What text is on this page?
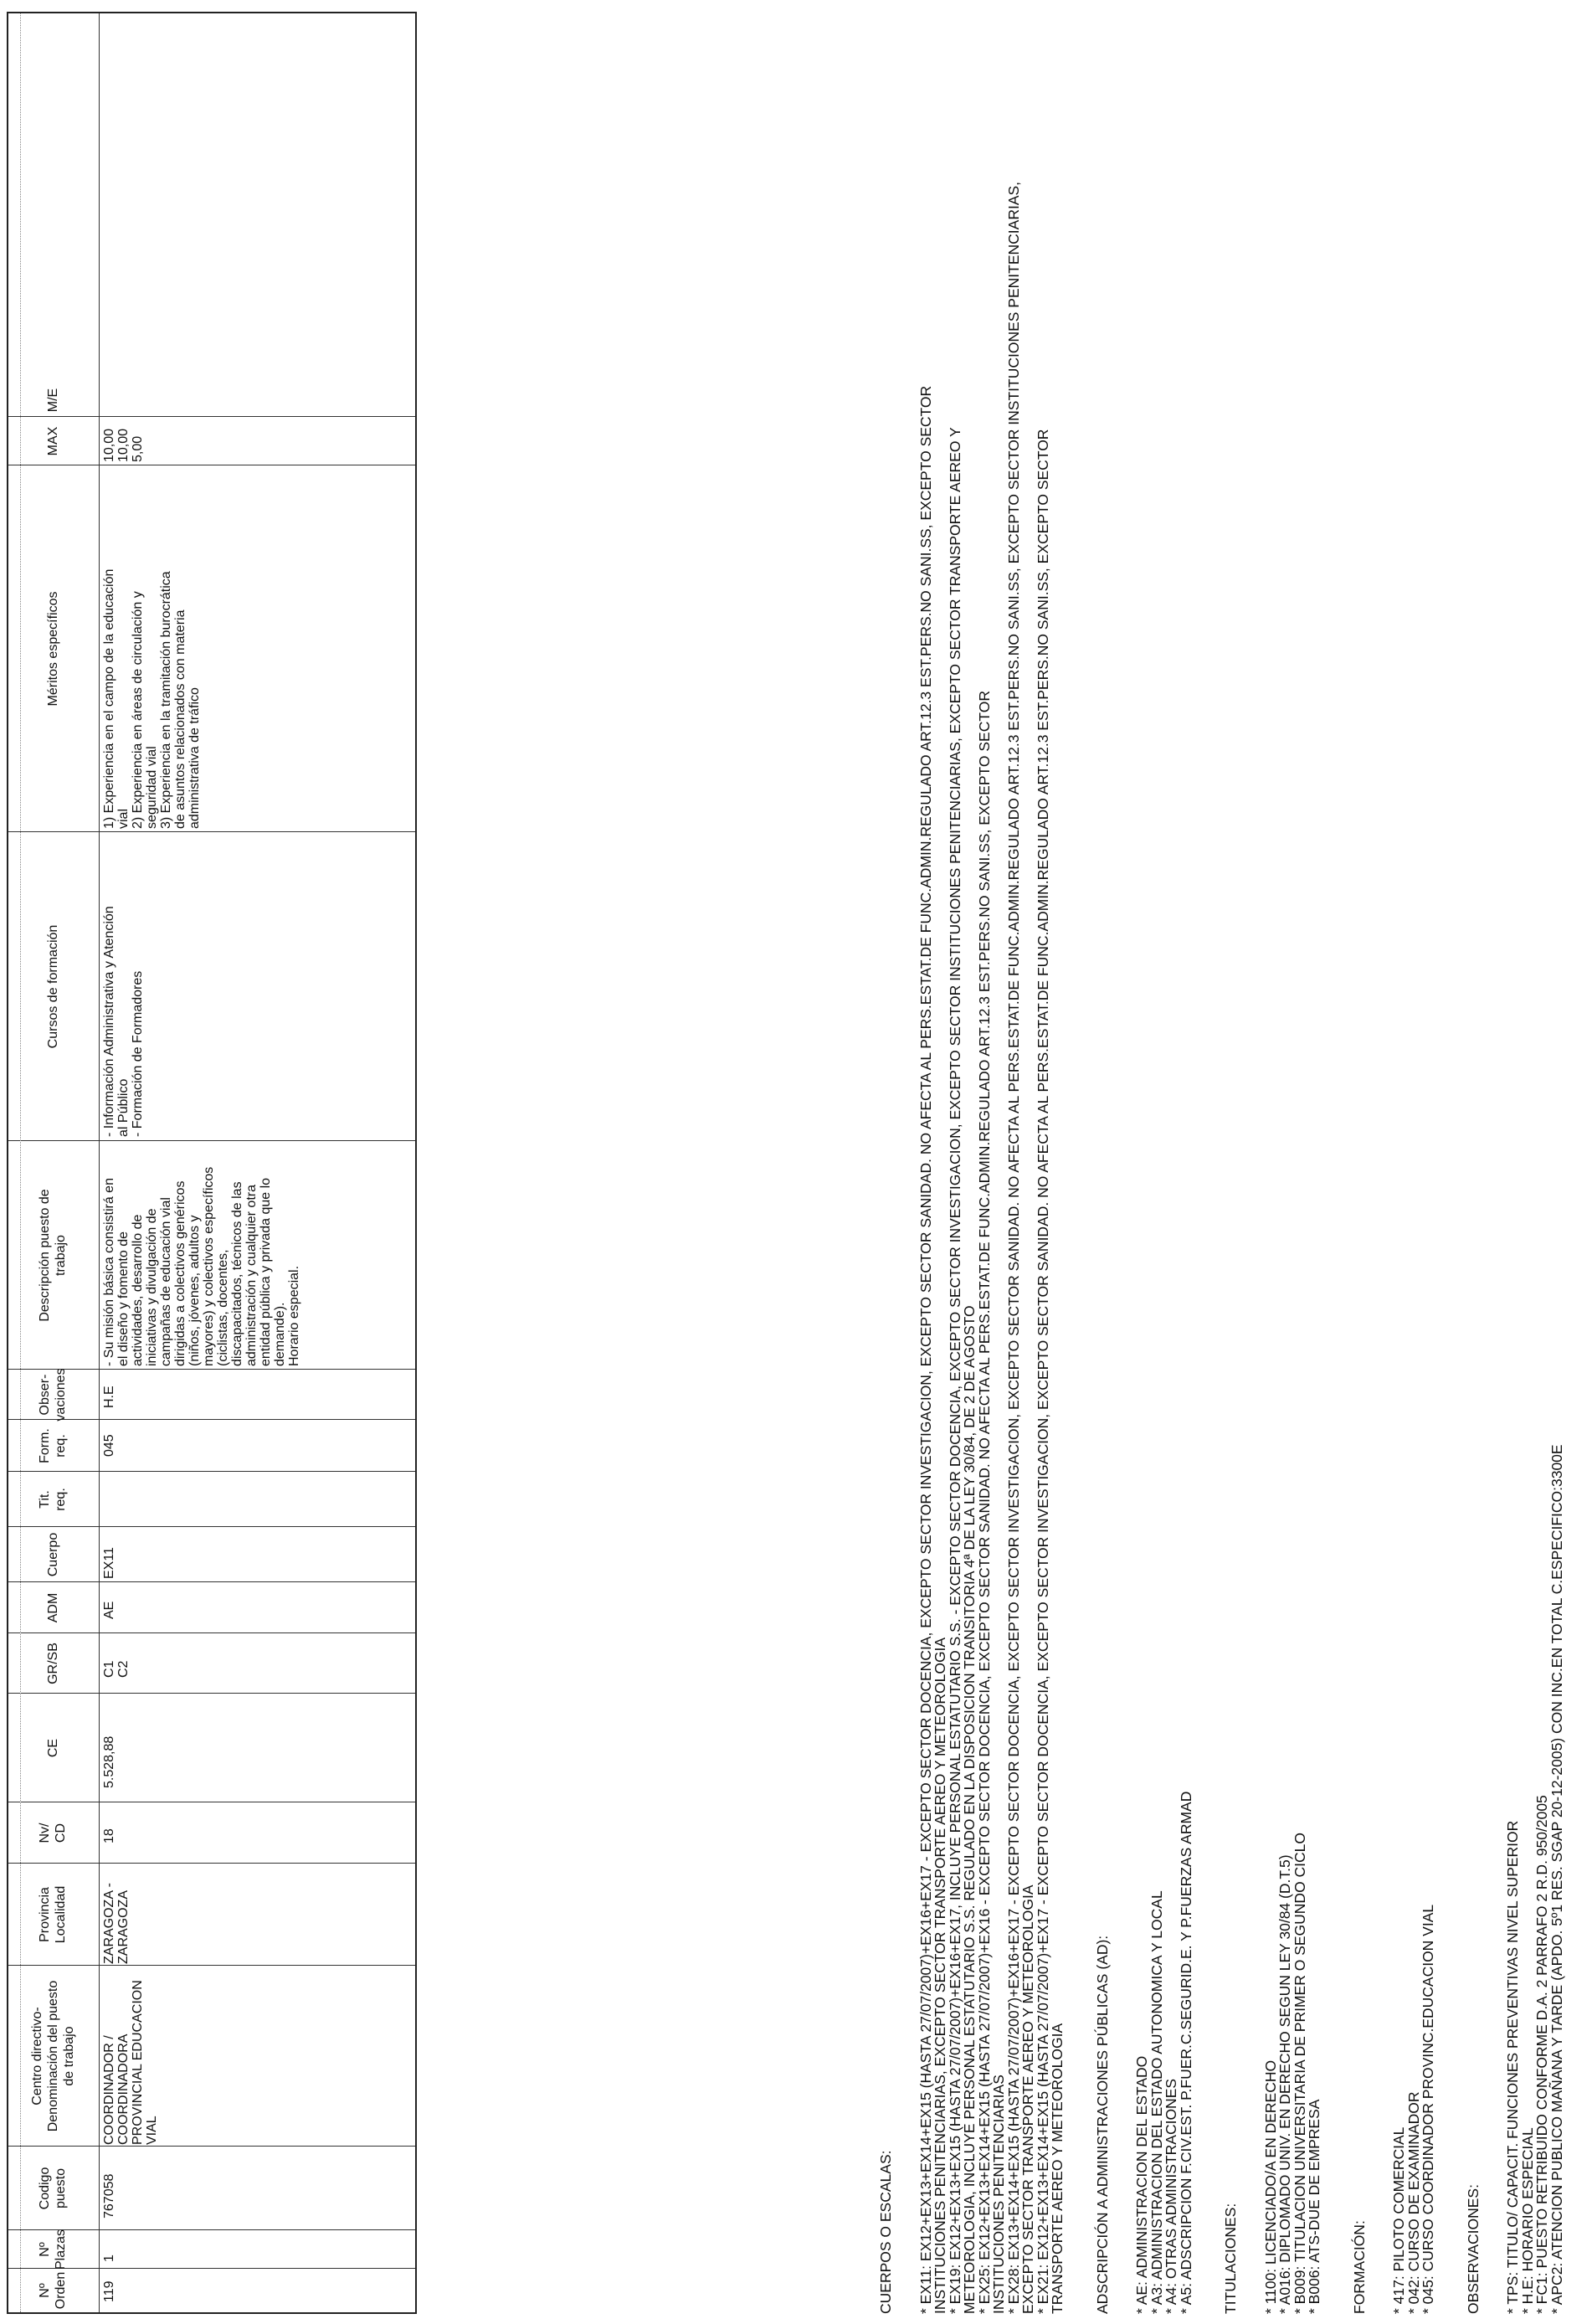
Nº
Orden
Nº
Plazas
Codigo
puesto
Centro directivo-
Denominación del puesto
de trabajo
Provincia
Localidad
Nv/
CD
CE
GR/SB
ADM
Cuerpo
Tit.
req.
Form.
req.
Obser-
vaciones
Descripción puesto de
trabajo
Cursos de formación
Méritos específicos
MAX
M/E
119
1
767058
COORDINADOR /
COORDINADORA
PROVINCIAL EDUCACION
VIAL
ZARAGOZA -
ZARAGOZA
18
5.528,88
C1
C2
AE
EX11
045
H.E
- Su misión básica consistirá en
el diseño y fomento de
actividades, desarrollo de
iniciativas y divulgación de
campañas de educación vial
dirigidas a colectivos genéricos
(niños, jóvenes, adultos y
mayores) y colectivos específicos
(ciclistas, docentes,
discapacitados, técnicos de las
administración y cualquier otra
entidad pública y privada que lo
demande).
Horario especial.
- Información Administrativa y Atención
al Público
- Formación de Formadores
1) Experiencia en el campo de la educación
vial
2) Experiencia en áreas de circulación y
seguridad vial
3) Experiencia en la tramitación burocrática
de asuntos relacionados con materia
administrativa de tráfico
10,00
10,00
5,00
CUERPOS O ESCALAS: * EX11: EX12+EX13+EX14+EX15 (HASTA 27/07/2007)+EX16+EX17 - EXCEPTO SECTOR DOCENCIA, EXCEPTO SECTOR INVESTIGACION, EXCEPTO SECTOR SANIDAD. NO AFECTA AL PERS.ESTAT.DE FUNC.ADMIN.REGULADO ART.12.3 EST.PERS.NO SANI.SS, EXCEPTO SECTOR
INSTITUCIONES PENITENCIARIAS, EXCEPTO SECTOR TRANSPORTE AEREO Y METEOROLOGIA
* EX19: EX12+EX13+EX15 (HASTA 27/07/2007)+EX16+EX17, INCLUYE PERSONAL ESTATUTARIO S.S. - EXCEPTO SECTOR DOCENCIA, EXCEPTO SECTOR INVESTIGACION, EXCEPTO SECTOR INSTITUCIONES PENITENCIARIAS, EXCEPTO SECTOR TRANSPORTE AEREO Y
METEOROLOGIA, INCLUYE PERSONAL ESTATUTARIO S.S. REGULADO EN LA DISPOSICION TRANSITORIA 4ª DE LA LEY 30/84, DE 2 DE AGOSTO
* EX25: EX12+EX13+EX14+EX15 (HASTA 27/07/2007)+EX16 - EXCEPTO SECTOR DOCENCIA, EXCEPTO SECTOR SANIDAD. NO AFECTA AL PERS.ESTAT.DE FUNC.ADMIN.REGULADO ART.12.3 EST.PERS.NO SANI.SS, EXCEPTO SECTOR
INSTITUCIONES PENITENCIARIAS
* EX28: EX13+EX14+EX15 (HASTA 27/07/2007)+EX16+EX17 - EXCEPTO SECTOR DOCENCIA, EXCEPTO SECTOR INVESTIGACION, EXCEPTO SECTOR SANIDAD. NO AFECTA AL PERS.ESTAT.DE FUNC.ADMIN.REGULADO ART.12.3 EST.PERS.NO SANI.SS, EXCEPTO SECTOR INSTITUCIONES PENITENCIARIAS,
EXCEPTO SECTOR TRANSPORTE AEREO Y METEOROLOGIA
* EX21: EX12+EX13+EX14+EX15 (HASTA 27/07/2007)+EX17 - EXCEPTO SECTOR DOCENCIA, EXCEPTO SECTOR INVESTIGACION, EXCEPTO SECTOR SANIDAD. NO AFECTA AL PERS.ESTAT.DE FUNC.ADMIN.REGULADO ART.12.3 EST.PERS.NO SANI.SS, EXCEPTO SECTOR
TRANSPORTE AEREO Y METEOROLOGIA ADSCRIPCIÓN A ADMINISTRACIONES PÚBLICAS (AD): * AE: ADMINISTRACION DEL ESTADO
* A3: ADMINISTRACION DEL ESTADO AUTONOMICA Y LOCAL
* A4: OTRAS ADMINISTRACIONES
* A5: ADSCRIPCION F.CIV.EST. P.FUER.C.SEGURID.E. Y P.FUERZAS ARMAD TITULACIONES: * 1100: LICENCIADO/A EN DERECHO
* A016: DIPLOMADO UNIV. EN DERECHO SEGUN LEY 30/84 (D.T.5)
* B009: TITULACION UNIVERSITARIA DE PRIMER O SEGUNDO CICLO
* B006: ATS-DUE DE EMPRESA FORMACIÓN: * 417: PILOTO COMERCIAL
* 042: CURSO DE EXAMINADOR
* 045: CURSO COORDINADOR PROVINC.EDUCACION VIAL OBSERVACIONES: * TPS: TITULO/ CAPACIT. FUNCIONES PREVENTIVAS NIVEL SUPERIOR
* H.E: HORARIO ESPECIAL
* FC1: PUESTO RETRIBUIDO CONFORME D.A. 2 PARRAFO 2 R.D. 950/2005
* APC2: ATENCION PUBLICO MAÑANA Y TARDE (APDO. 5º1 RES. SGAP 20-12-2005) CON INC.EN TOTAL C.ESPECIFICO:3300E
